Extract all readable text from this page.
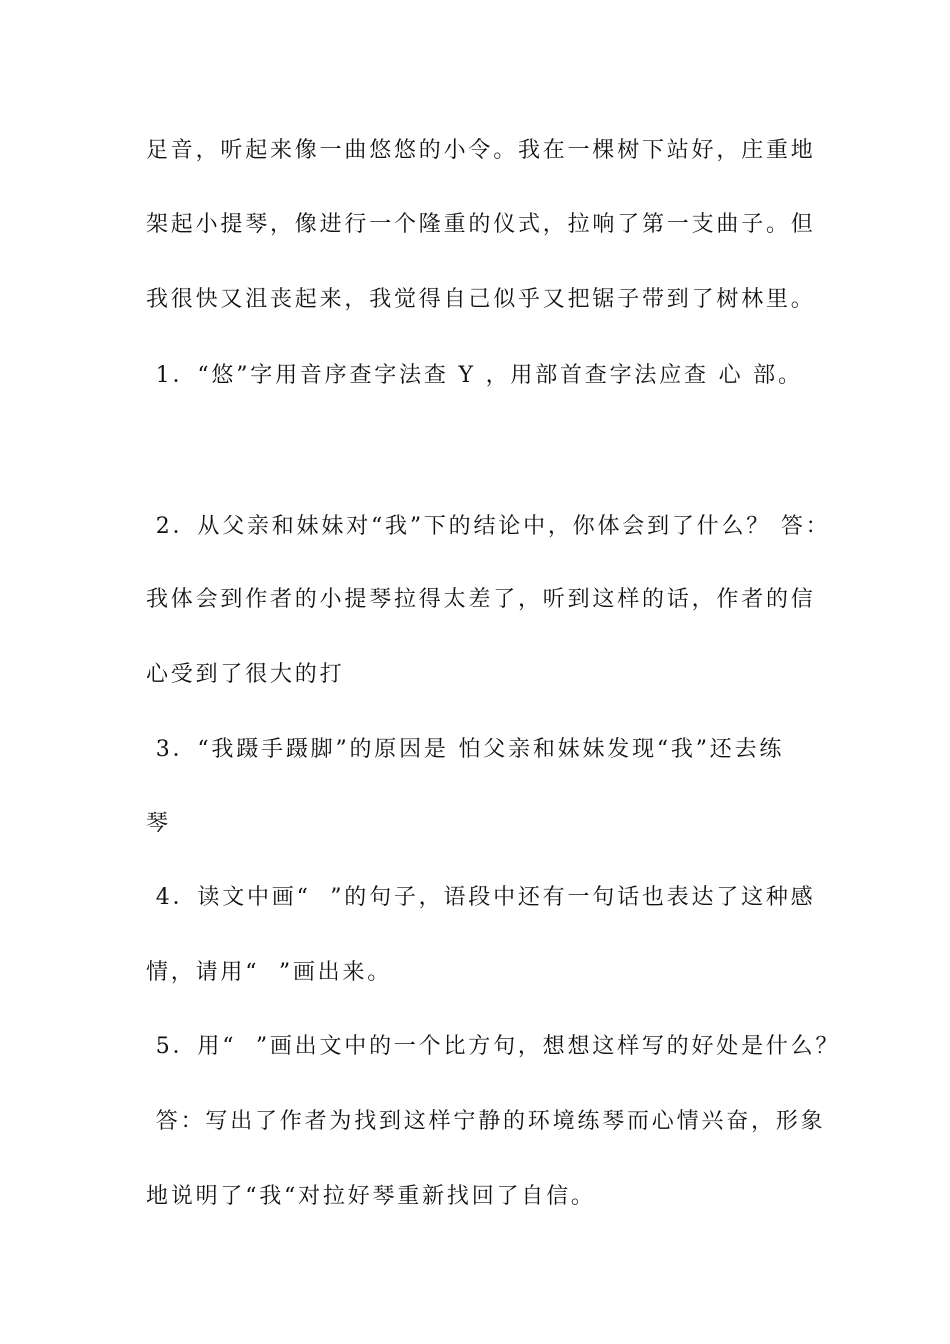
足音，听起来像一曲悠悠的小令。我在一棵树下站好，庄重地
架起小提琴，像进行一个隆重的仪式，拉响了第一支曲子。但
我很快又沮丧起来，我觉得自己似乎又把锯子带到了树林里。
1．“悠”字用音序查字法查 Y ，用部首查字法应查 心 部。
2．从父亲和妹妹对“我”下的结论中，你体会到了什么？ 答：
我体会到作者的小提琴拉得太差了，听到这样的话，作者的信
心受到了很大的打
3．“我蹑手蹑脚”的原因是 怕父亲和妹妹发现“我”还去练
琴
4．读文中画“  ”的句子，语段中还有一句话也表达了这种感
情，请用“  ”画出来。
5．用“  ”画出文中的一个比方句，想想这样写的好处是什么？
答：写出了作者为找到这样宁静的环境练琴而心情兴奋，形象
地说明了“我“对拉好琴重新找回了自信。
